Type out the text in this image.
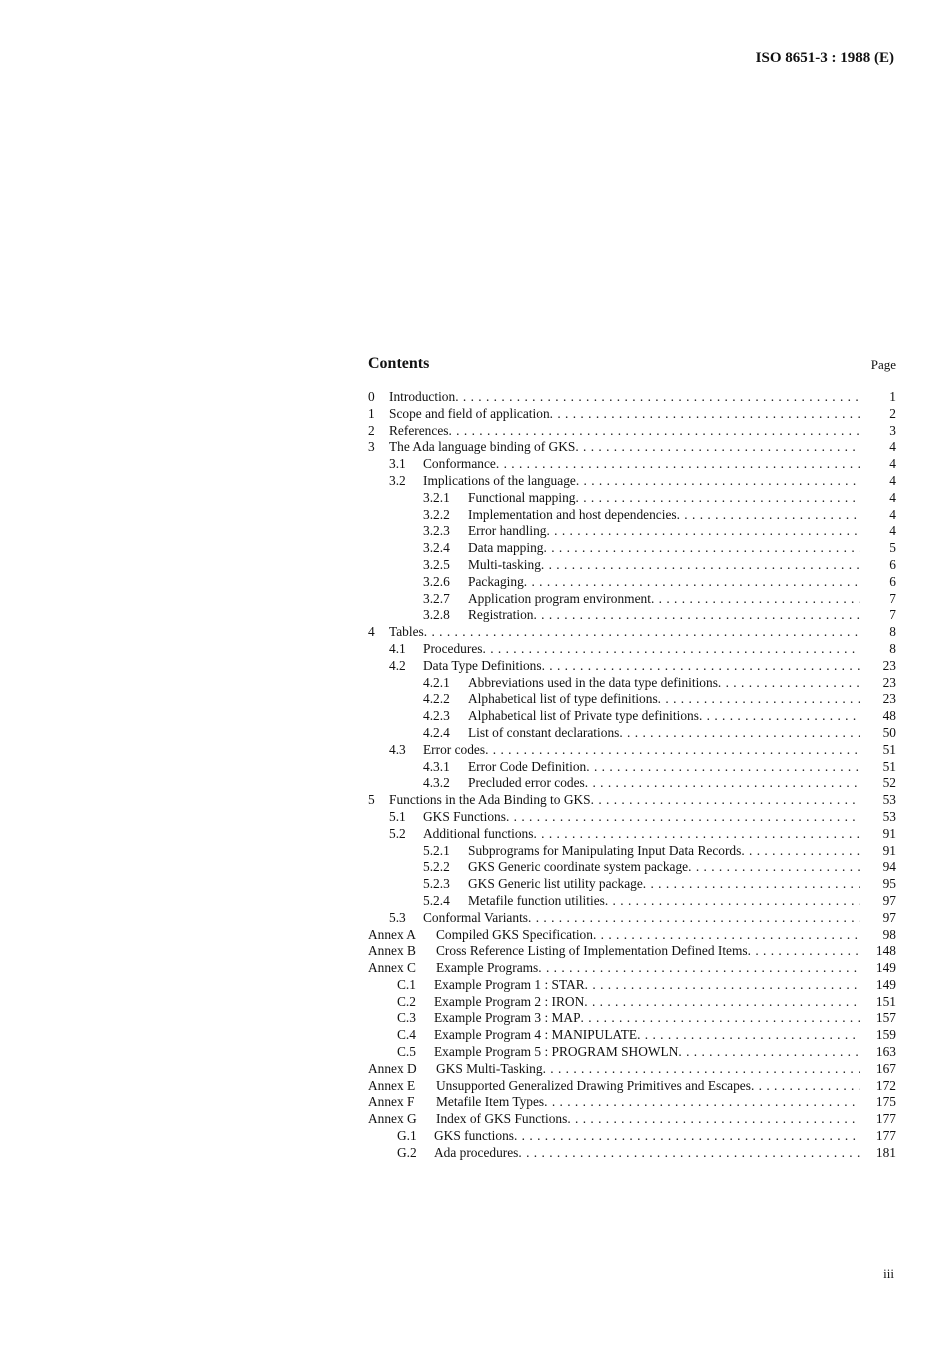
ISO 8651-3 : 1988 (E)
Contents	Page
0 Introduction . . .	1
1 Scope and field of application . . .	2
2 References . . .	3
3 The Ada language binding of GKS . . .	4
3.1 Conformance . . .	4
3.2 Implications of the language . . .	4
3.2.1 Functional mapping . . .	4
3.2.2 Implementation and host dependencies . . .	4
3.2.3 Error handling . . .	4
3.2.4 Data mapping . . .	5
3.2.5 Multi-tasking . . .	6
3.2.6 Packaging . . .	6
3.2.7 Application program environment . . .	7
3.2.8 Registration . . .	7
4 Tables . . .	8
4.1 Procedures . . .	8
4.2 Data Type Definitions . . .	23
4.2.1 Abbreviations used in the data type definitions . . .	23
4.2.2 Alphabetical list of type definitions . . .	23
4.2.3 Alphabetical list of Private type definitions . . .	48
4.2.4 List of constant declarations . . .	50
4.3 Error codes . . .	51
4.3.1 Error Code Definition . . .	51
4.3.2 Precluded error codes . . .	52
5 Functions in the Ada Binding to GKS . . .	53
5.1 GKS Functions . . .	53
5.2 Additional functions . . .	91
5.2.1 Subprograms for Manipulating Input Data Records . . .	91
5.2.2 GKS Generic coordinate system package . . .	94
5.2.3 GKS Generic list utility package . . .	95
5.2.4 Metafile function utilities . . .	97
5.3 Conformal Variants . . .	97
Annex A Compiled GKS Specification . . .	98
Annex B Cross Reference Listing of Implementation Defined Items . . .	148
Annex C Example Programs . . .	149
C.1 Example Program 1 : STAR . . .	149
C.2 Example Program 2 : IRON . . .	151
C.3 Example Program 3 : MAP . . .	157
C.4 Example Program 4 : MANIPULATE . . .	159
C.5 Example Program 5 : PROGRAM SHOWLN . . .	163
Annex D GKS Multi-Tasking . . .	167
Annex E Unsupported Generalized Drawing Primitives and Escapes . . .	172
Annex F Metafile Item Types . . .	175
Annex G Index of GKS Functions . . .	177
G.1 GKS functions . . .	177
G.2 Ada procedures . . .	181
iii
